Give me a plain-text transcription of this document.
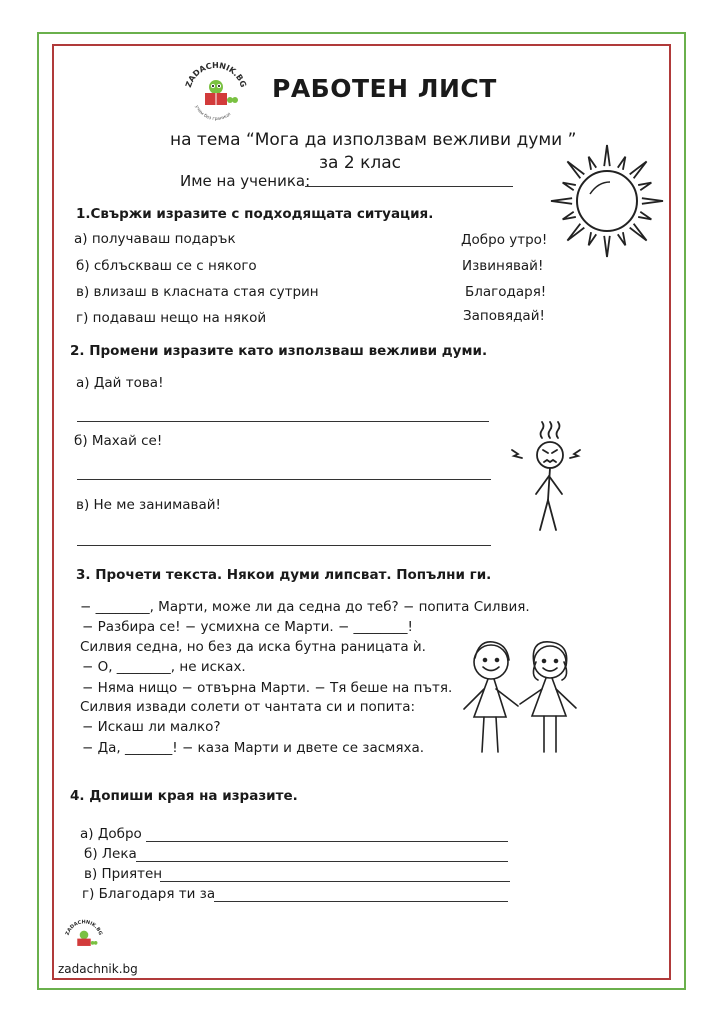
ZADACHNIK.BG
учим без граници
РАБОТЕН ЛИСТ
на тема “Мога да използвам вежливи думи ”
за 2 клас
Име на ученика:
1.Свържи изразите с подходящата ситуация.
а) получаваш подарък
б) сблъскваш се с някого
в) влизаш в класната стая сутрин
г) подаваш нещо на някой
Добро утро!
Извинявай!
Благодаря!
Заповядай!
2. Промени изразите като използваш вежливи думи.
а) Дай това!
б) Махай се!
в) Не ме занимавай!
3. Прочети текста. Някои думи липсват. Попълни ги.
− ________, Марти, може ли да седна до теб? − попита Силвия.
− Разбира се! − усмихна се Марти. − ________!
Силвия седна, но без да иска бутна раницата ѝ.
− О, ________, не исках.
− Няма нищо − отвърна Марти. − Тя беше на пътя.
Силвия извади солети от чантата си и попита:
− Искаш ли малко?
− Да, _______! − каза Марти и двете се засмяха.
4. Допиши края на изразите.
а) Добро
б) Лека
в) Приятен
г) Благодаря ти за
ZADACHNIK.BG
zadachnik.bg
